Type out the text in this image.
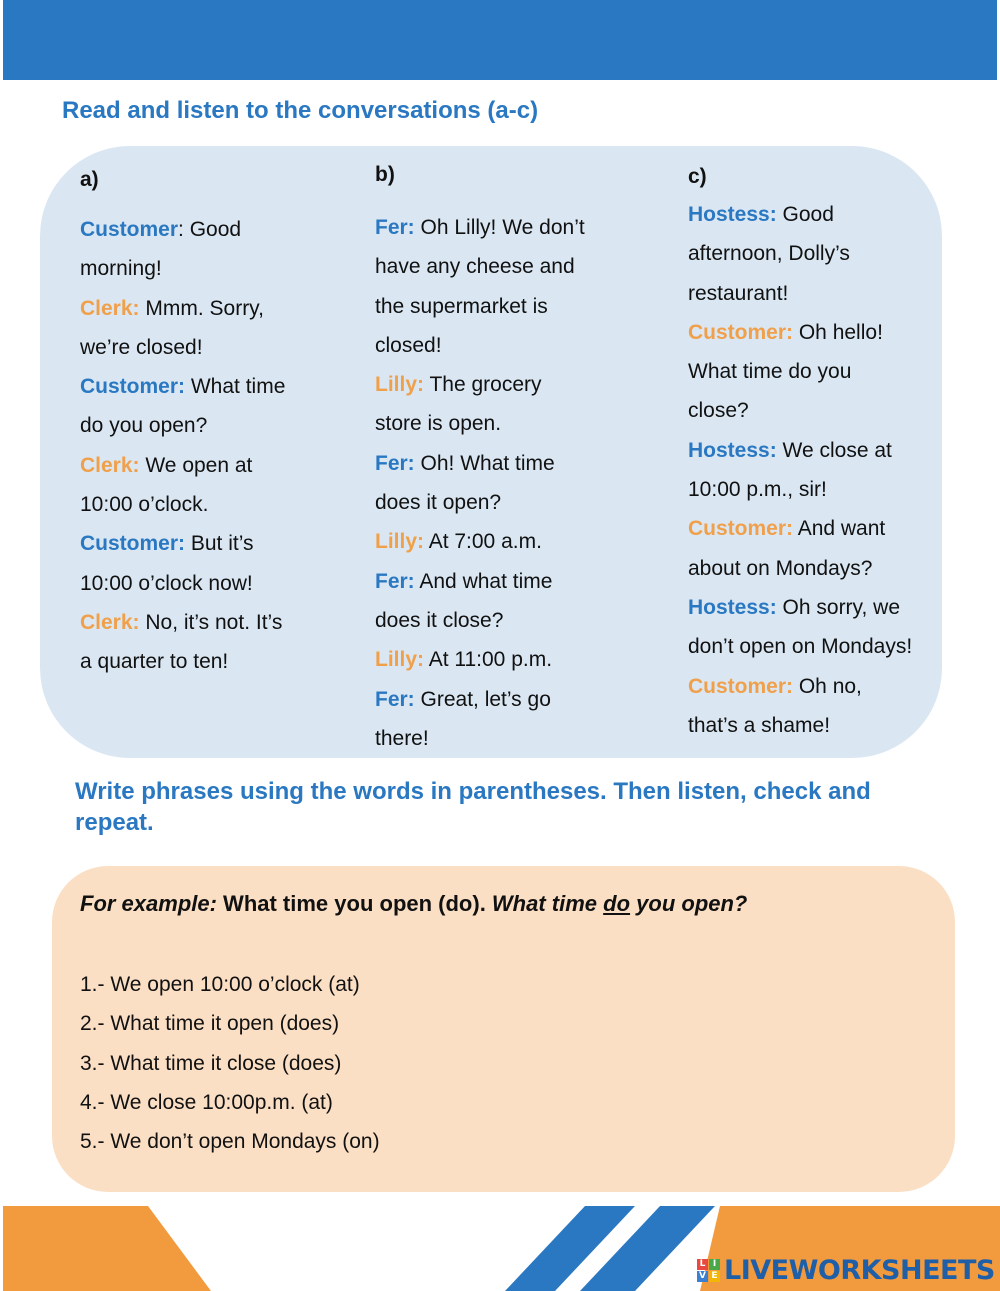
Read and listen to the conversations (a-c)
a)
Customer: Good
morning!
Clerk: Mmm. Sorry,
we’re closed!
Customer: What time
do you open?
Clerk: We open at
10:00 o’clock.
Customer: But it’s
10:00 o’clock now!
Clerk: No, it’s not. It’s
a quarter to ten!
b)
Fer: Oh Lilly! We don’t
have any cheese and
the supermarket is
closed!
Lilly: The grocery
store is open.
Fer: Oh! What time
does it open?
Lilly: At 7:00 a.m.
Fer: And what time
does it close?
Lilly: At 11:00 p.m.
Fer: Great, let’s go
there!
c)
Hostess: Good
afternoon, Dolly’s
restaurant!
Customer: Oh hello!
What time do you
close?
Hostess: We close at
10:00 p.m., sir!
Customer: And want
about on Mondays?
Hostess: Oh sorry, we
don’t open on Mondays!
Customer: Oh no,
that’s a shame!
Write phrases using the words in parentheses. Then listen, check and repeat.
For example: What time you open (do). What time do you open?
1.- We open 10:00 o’clock (at)
2.- What time it open (does)
3.- What time it close (does)
4.- We close 10:00p.m. (at)
5.- We don’t open Mondays (on)
L I
V E LIVEWORKSHEETS
